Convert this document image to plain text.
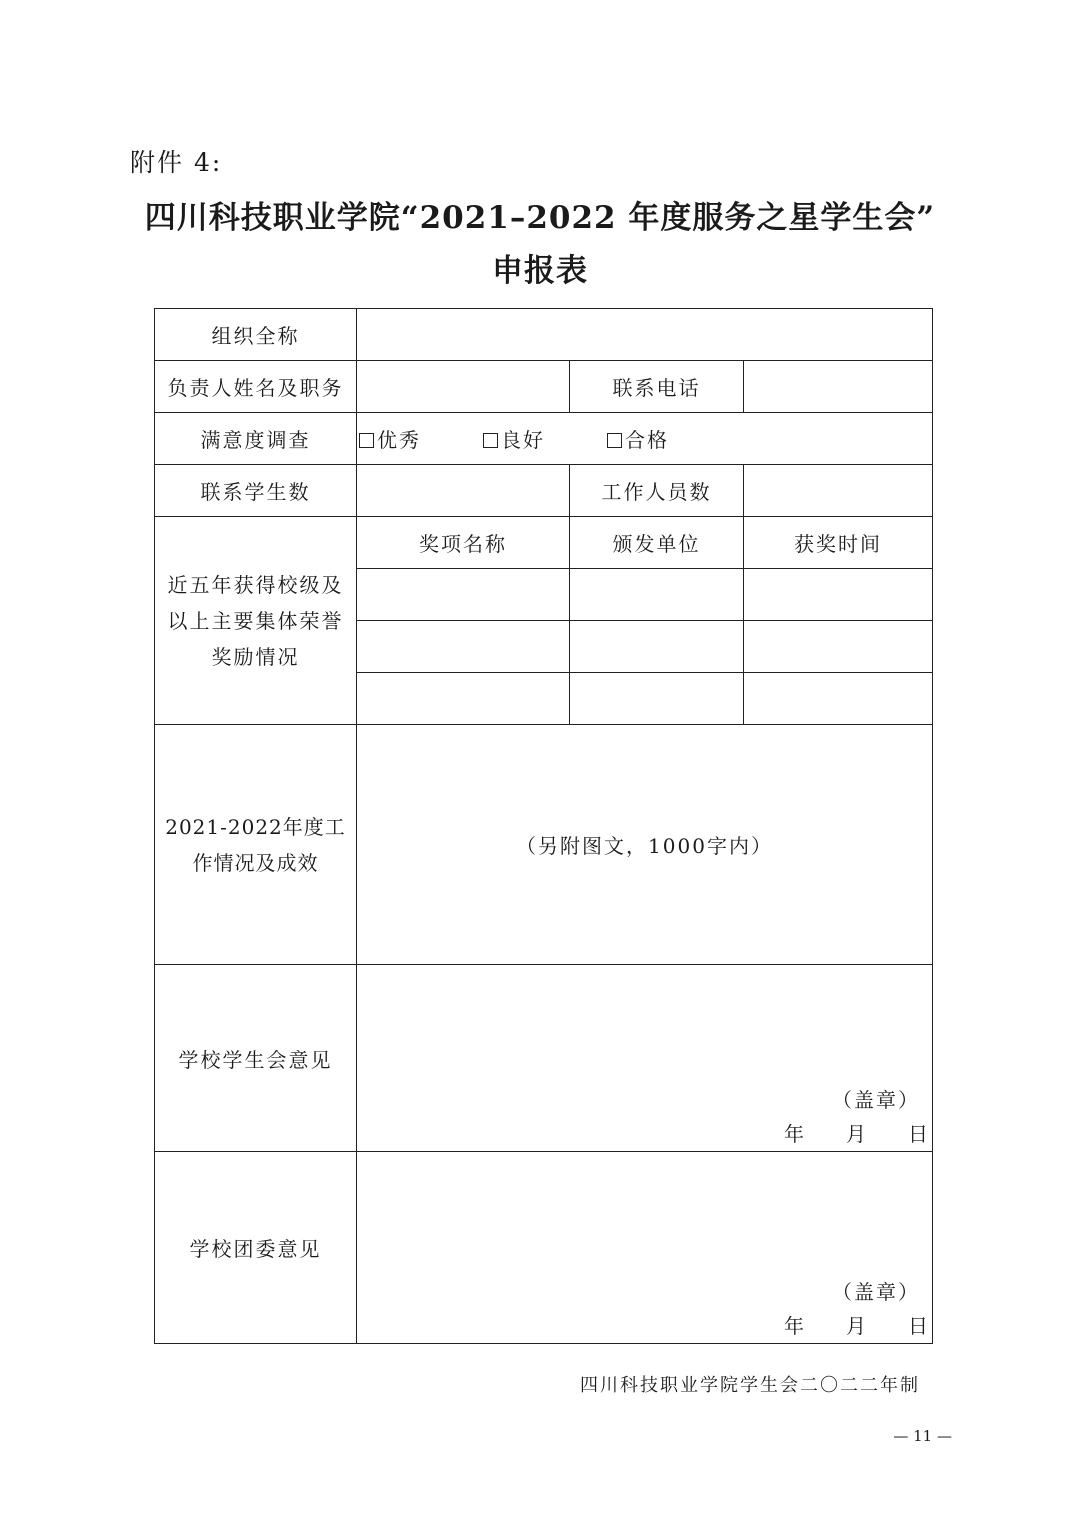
附件 4:
四川科技职业学院“2021–2022 年度服务之星学生会”
申报表
组织全称			
负责人姓名及职务		联系电话	
满意度调查	优秀 良好 合格		
联系学生数		工作人员数	
近五年获得校级及以上主要集体荣誉奖励情况	奖项名称	颁发单位	获奖时间

2021-2022年度工作情况及成效	（另附图文，1000字内）		
学校学生会意见	（盖章）
年 月 日		

学校团委意见	（盖章）
年 月 日		
四川科技职业学院学生会二〇二二年制
— 11 —
